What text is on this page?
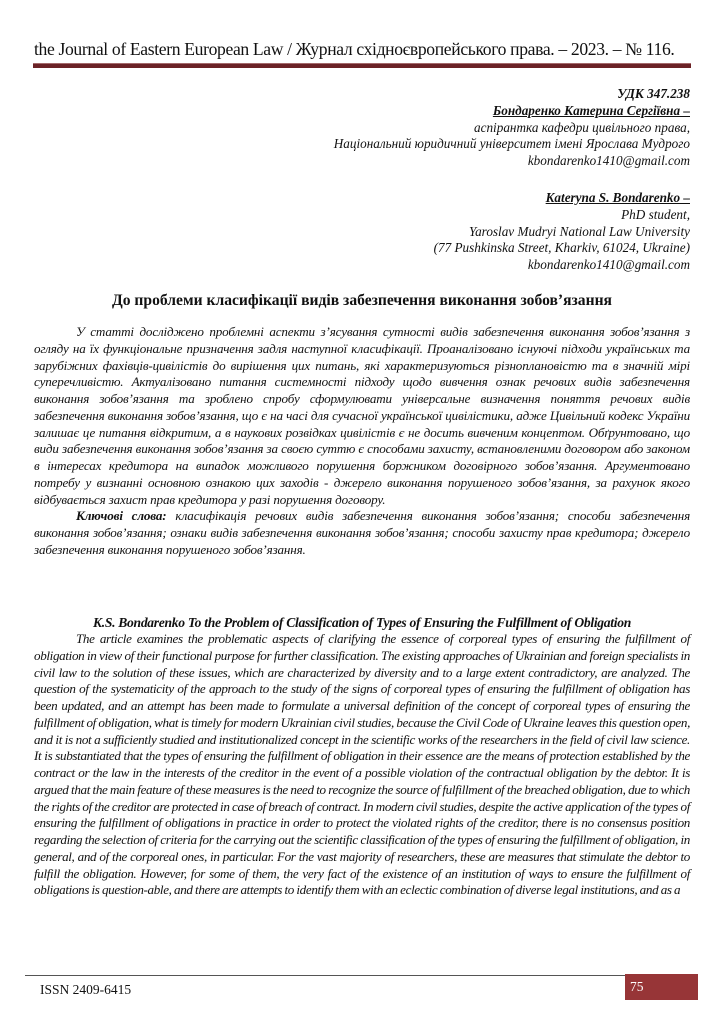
the Journal of Eastern European Law / Журнал східноєвропейського права. – 2023. – № 116.
УДК 347.238
Бондаренко Катерина Сергіївна –
аспірантка кафедри цивільного права,
Національний юридичний університет імені Ярослава Мудрого
kbondarenko1410@gmail.com
Kateryna S. Bondarenko –
PhD student,
Yaroslav Mudryi National Law University
(77 Pushkinska Street, Kharkiv, 61024, Ukraine)
kbondarenko1410@gmail.com
До проблеми класифікації видів забезпечення виконання зобов’язання

У статті досліджено проблемні аспекти з’ясування сутності видів забезпечення виконання зобов’язання з огляду на їх функціональне призначення задля наступної класифікації. Проаналізовано існуючі підходи українських та зарубіжних фахівців-цивілістів до вирішення цих питань, які характеризуються різноплановістю та в значній мірі суперечливістю. Актуалізовано питання системності підходу щодо вивчення ознак речових видів забезпечення виконання зобов’язання та зроблено спробу сформулювати універсальне визначення поняття речових видів забезпечення виконання зобов’язання, що є на часі для сучасної української цивілістики, адже Цивільний кодекс України залишає це питання відкритим, а в наукових розвідках цивілістів є не досить вивченим концептом. Обґрунтовано, що види забезпечення виконання зобов’язання за своєю суттю є способами захисту, встановленими договором або законом в інтересах кредитора на випадок можливого порушення боржником договірного зобов’язання. Аргументовано потребу у визнанні основною ознакою цих заходів - джерело виконання порушеного зобов’язання, за рахунок якого відбувається захист прав кредитора у разі порушення договору.

Ключові слова: класифікація речових видів забезпечення виконання зобов’язання; способи забезпечення виконання зобов’язання; ознаки видів забезпечення виконання зобов’язання; способи захисту прав кредитора; джерело забезпечення виконання порушеного зобов’язання.

K.S. Bondarenko To the Problem of Classification of Types of Ensuring the Fulfillment of Obligation

The article examines the problematic aspects of clarifying the essence of corporeal types of ensuring the fulfillment of obligation in view of their functional purpose for further classification. The existing approaches of Ukrainian and foreign specialists in civil law to the solution of these issues, which are characterized by diversity and to a large extent contradictory, are analyzed. The question of the systematicity of the approach to the study of the signs of corporeal types of ensuring the fulfillment of obligation has been updated, and an attempt has been made to formulate a universal definition of the concept of corporeal types of ensuring the fulfillment of obligation, what is timely for modern Ukrainian civil studies, because the Civil Code of Ukraine leaves this question open, and it is not a sufficiently studied and institutionalized concept in the scientific works of the researchers in the field of civil law science. It is substantiated that the types of ensuring the fulfillment of obligation in their essence are the means of protection established by the contract or the law in the interests of the creditor in the event of a possible violation of the contractual obligation by the debtor. It is argued that the main feature of these measures is the need to recognize the source of fulfillment of the breached obligation, due to which the rights of the creditor are protected in case of breach of contract. In modern civil studies, despite the active application of the types of ensuring the fulfillment of obligations in practice in order to protect the violated rights of the creditor, there is no consensus position regarding the selection of criteria for the carrying out the scientific classification of the types of ensuring the fulfillment of obligation, in general, and of the corporeal ones, in particular. For the vast majority of researchers, these are measures that stimulate the debtor to fulfill the obligation. However, for some of them, the very fact of the existence of an institution of ways to ensure the fulfillment of obligations is question-able, and there are attempts to identify them with an eclectic combination of diverse legal institutions, and as a

ISSN 2409-6415	75
